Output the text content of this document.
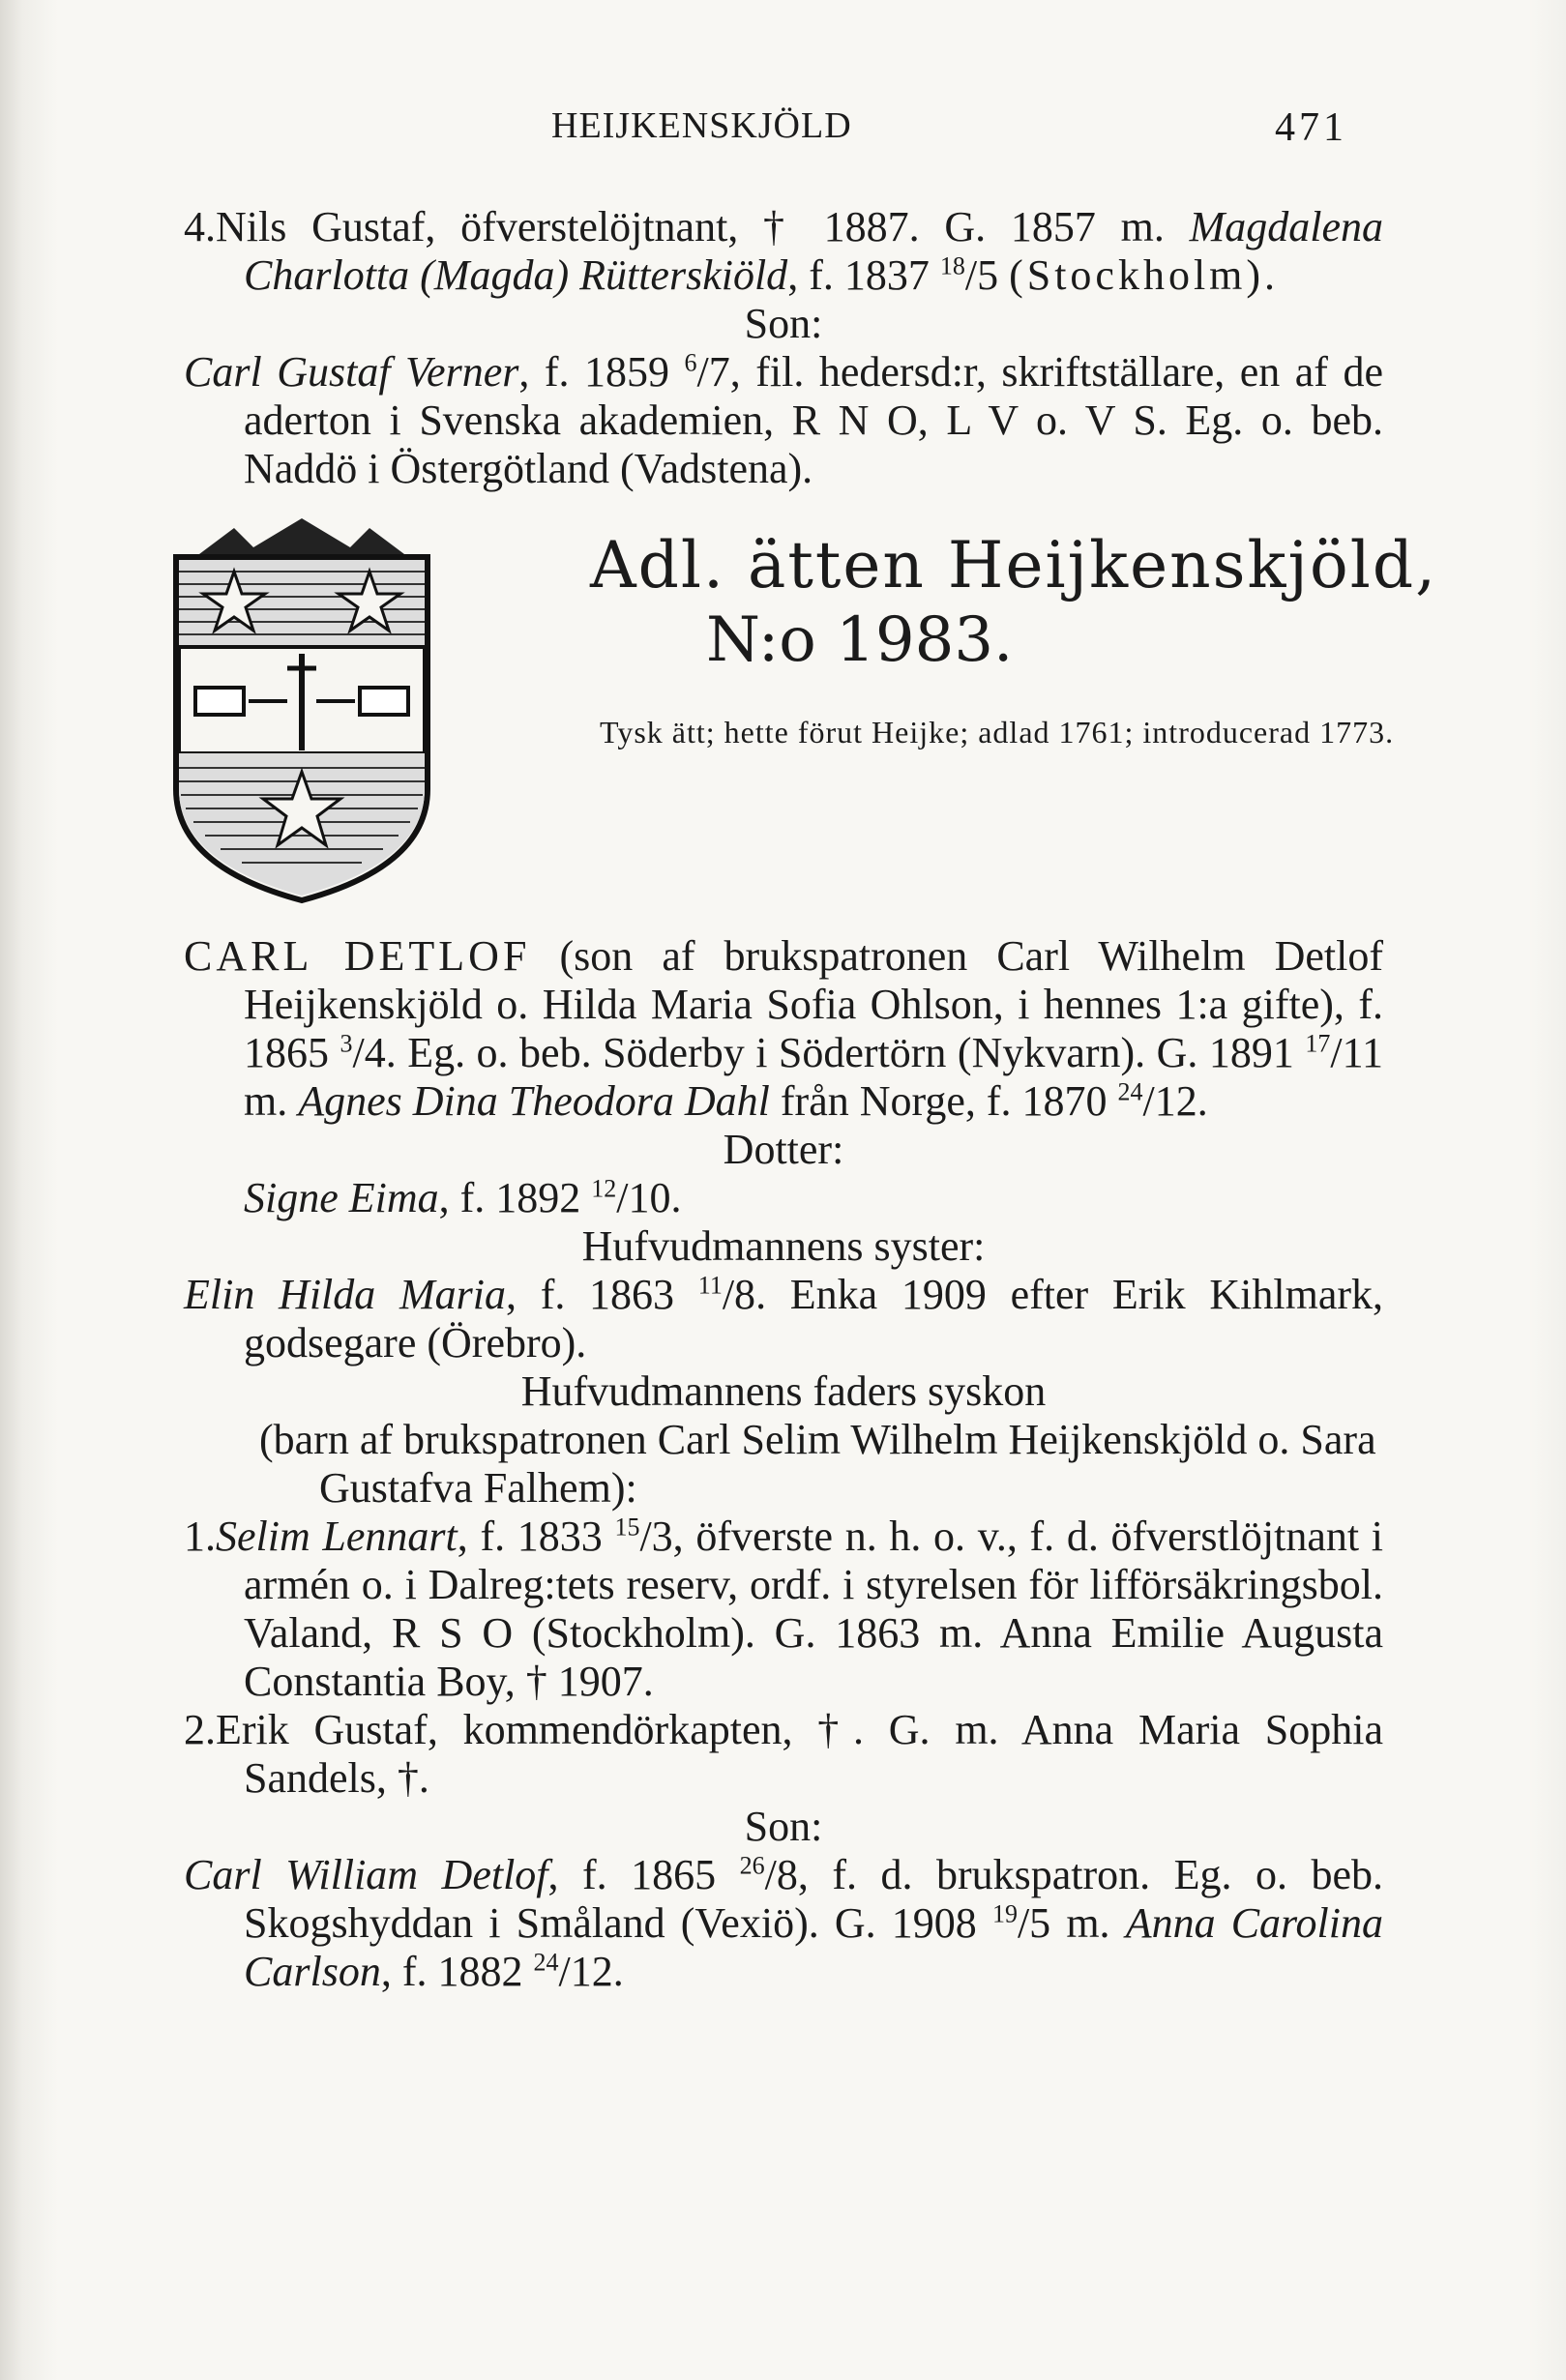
HEIJKENSKJÖLD	471

4.Nils Gustaf, öfverstelöjtnant, † 1887. G. 1857 m. Magdalena Charlotta (Magda) Rütterskiöld, f. 1837 $^{18}$/5 (Stockholm).

Son:

Carl Gustaf Verner, f. 1859 $^6$/7, fil. hedersd:r, skriftställare, en af de aderton i Svenska akademien, R N O, L V o. V S. Eg. o. beb. Naddö i Östergötland (Vadstena).

Adl. ätten Heijkenskjöld,
N:o 1983.
Tysk ätt; hette förut Heijke; adlad 1761; introducerad 1773.

CARL DETLOF (son af brukspatronen Carl Wilhelm Detlof Heijkenskjöld o. Hilda Maria Sofia Ohlson, i hennes 1:a gifte), f. 1865 $^3$/4. Eg. o. beb. Söderby i Södertörn (Nykvarn). G. 1891 $^{17}$/11 m. Agnes Dina Theodora Dahl från Norge, f. 1870 $^{24}$/12.

Dotter:

Signe Eima, f. 1892 $^{12}$/10.

Hufvudmannens syster:

Elin Hilda Maria, f. 1863 $^{11}$/8. Enka 1909 efter Erik Kihlmark, godsegare (Örebro).

Hufvudmannens faders syskon

(barn af brukspatronen Carl Selim Wilhelm Heijkenskjöld o. Sara Gustafva Falhem):

1.Selim Lennart, f. 1833 $^{15}$/3, öfverste n. h. o. v., f. d. öfverstlöjtnant i armén o. i Dalreg:tets reserv, ordf. i styrelsen för lifförsäkringsbol. Valand, R S O (Stockholm). G. 1863 m. Anna Emilie Augusta Constantia Boy, † 1907.

2.Erik Gustaf, kommendörkapten, †. G. m. Anna Maria Sophia Sandels, †.

Son:

Carl William Detlof, f. 1865 $^{26}$/8, f. d. brukspatron. Eg. o. beb. Skogshyddan i Småland (Vexiö). G. 1908 $^{19}$/5 m. Anna Carolina Carlson, f. 1882 $^{24}$/12.
